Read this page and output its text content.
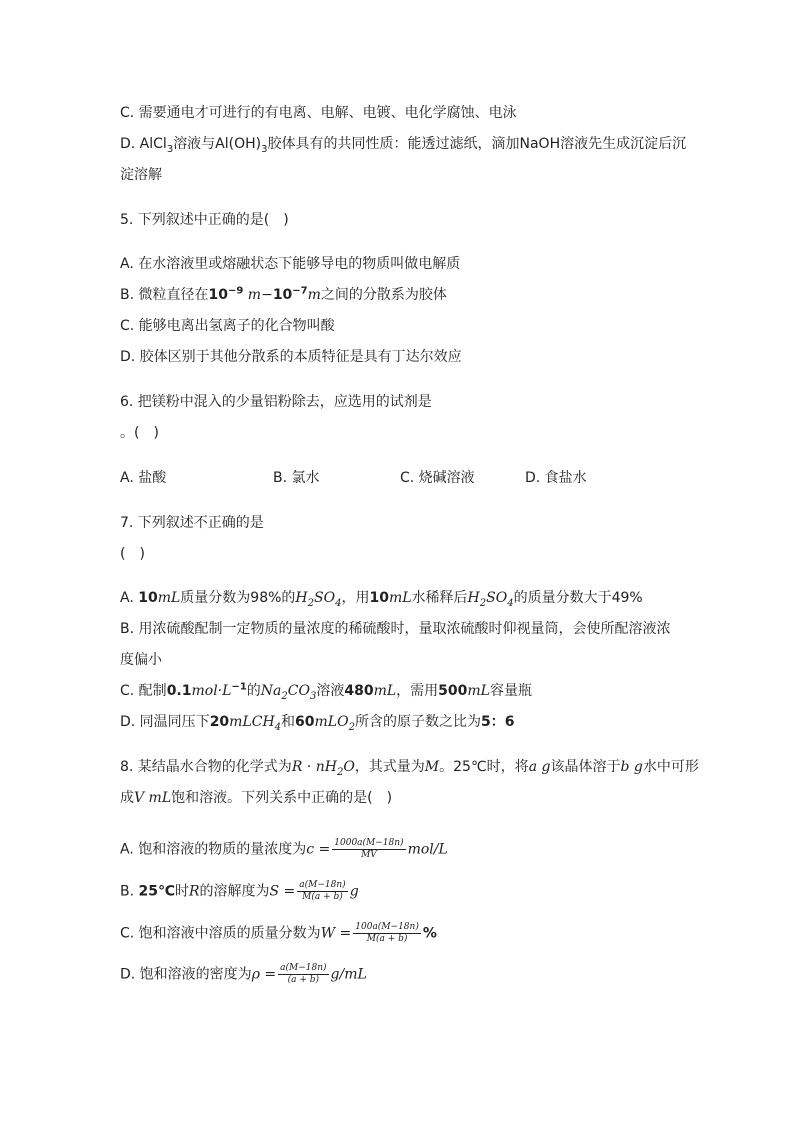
C. 需要通电才可进行的有电离、电解、电镀、电化学腐蚀、电泳
D. AlCl$_3$溶液与$Al(OH)_3$胶体具有的共同性质：能透过滤纸，滴加NaOH溶液先生成沉淀后沉
淀溶解
5. 下列叙述中正确的是(　)
A. 在水溶液里或熔融状态下能够导电的物质叫做电解质
B. 微粒直径在$10^{-9}$ $m-10^{-7}m$之间的分散系为胶体
C. 能够电离出氢离子的化合物叫酸
D. 胶体区别于其他分散系的本质特征是具有丁达尔效应
6. 把镁粉中混入的少量铝粉除去，应选用的试剂是
。(　)
A. 盐酸	B. 氯水	C. 烧碱溶液	D. 食盐水
7. 下列叙述不正确的是
(　)
A. 10mL质量分数为98%的$H_2SO_4$，用10mL水稀释后$H_2SO_4$的质量分数大于49%
B. 用浓硫酸配制一定物质的量浓度的稀硫酸时，量取浓硫酸时仰视量筒，会使所配溶液浓
度偏小
C. 配制$0.1mol\cdot L^{-1}$的$Na_2CO_3$溶液480mL，需用500mL容量瓶
D. 同温同压下20mLCH$_4$和60mLO$_2$所含的原子数之比为5：6
8. 某结晶水合物的化学式为$R \cdot nH_2O$，其式量为M。25℃时，将a g该晶体溶于b g水中可形
成V mL饱和溶液。下列关系中正确的是(　)
A. 饱和溶液的物质的量浓度为$c = \frac{1000a(M-18n)}{MV} mol/L$
B. 25℃时R的溶解度为$S = \frac{a(M-18n)}{M(a + b)}$ g
C. 饱和溶液中溶质的质量分数为$W = \frac{100a(M-18n)}{M(a + b)}$ %
D. 饱和溶液的密度为$\rho = \frac{a(M-18n)}{(a + b)} g/mL$
